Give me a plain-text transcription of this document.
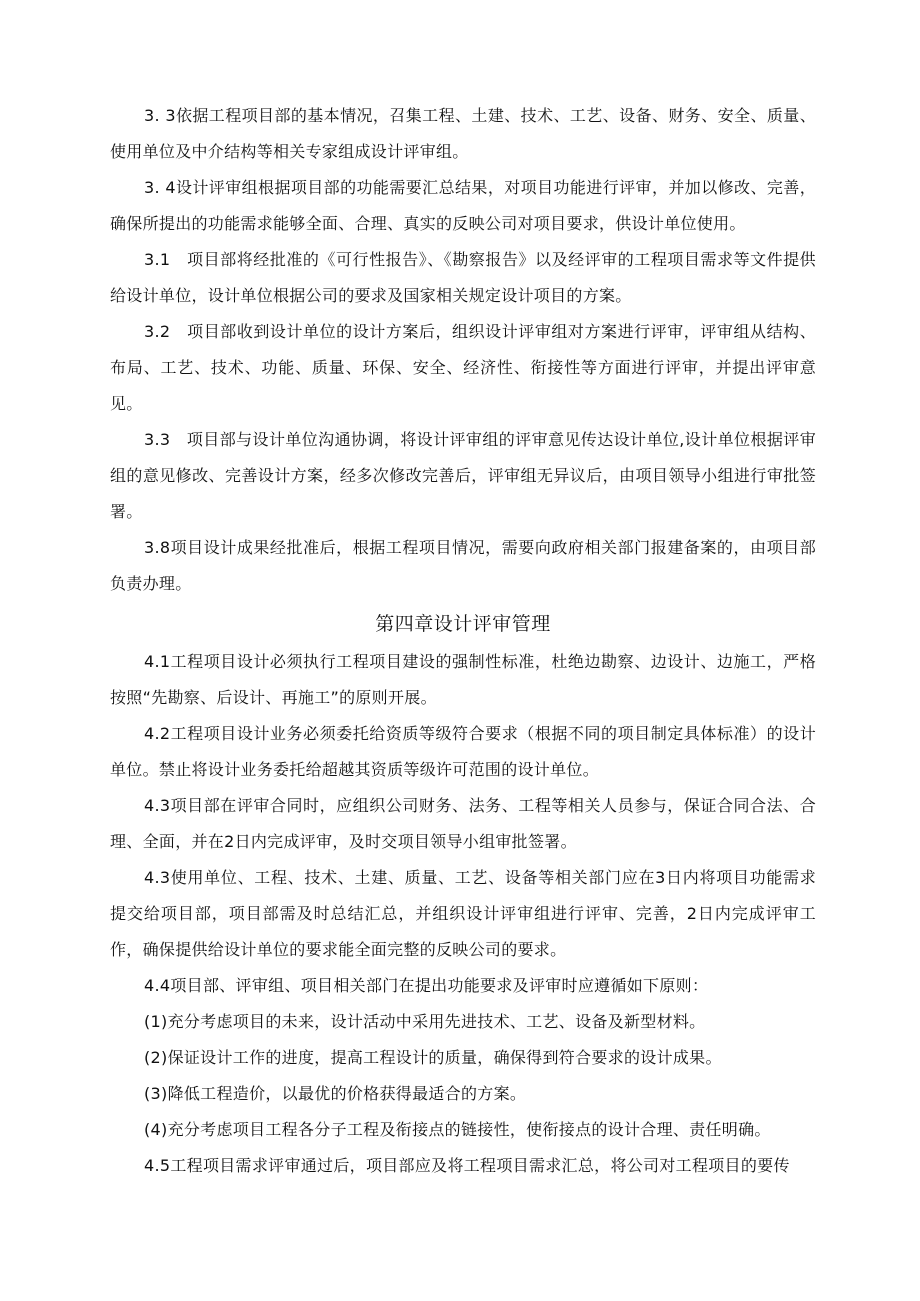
3. 3依据工程项目部的基本情况，召集工程、土建、技术、工艺、设备、财务、安全、质量、使用单位及中介结构等相关专家组成设计评审组。

3. 4设计评审组根据项目部的功能需要汇总结果，对项目功能进行评审，并加以修改、完善，确保所提出的功能需求能够全面、合理、真实的反映公司对项目要求，供设计单位使用。

3.1　项目部将经批准的《可行性报告》、《勘察报告》以及经评审的工程项目需求等文件提供给设计单位，设计单位根据公司的要求及国家相关规定设计项目的方案。

3.2　项目部收到设计单位的设计方案后，组织设计评审组对方案进行评审，评审组从结构、布局、工艺、技术、功能、质量、环保、安全、经济性、衔接性等方面进行评审，并提出评审意见。

3.3　项目部与设计单位沟通协调，将设计评审组的评审意见传达设计单位,设计单位根据评审组的意见修改、完善设计方案，经多次修改完善后，评审组无异议后，由项目领导小组进行审批签署。

3.8项目设计成果经批准后，根据工程项目情况，需要向政府相关部门报建备案的，由项目部负责办理。

第四章设计评审管理

4.1工程项目设计必须执行工程项目建设的强制性标准，杜绝边勘察、边设计、边施工，严格按照“先勘察、后设计、再施工”的原则开展。

4.2工程项目设计业务必须委托给资质等级符合要求（根据不同的项目制定具体标准）的设计单位。禁止将设计业务委托给超越其资质等级许可范围的设计单位。

4.3项目部在评审合同时，应组织公司财务、法务、工程等相关人员参与，保证合同合法、合理、全面，并在2日内完成评审，及时交项目领导小组审批签署。

4.3使用单位、工程、技术、土建、质量、工艺、设备等相关部门应在3日内将项目功能需求提交给项目部，项目部需及时总结汇总，并组织设计评审组进行评审、完善，2日内完成评审工作，确保提供给设计单位的要求能全面完整的反映公司的要求。

4.4项目部、评审组、项目相关部门在提出功能要求及评审时应遵循如下原则：

(1)充分考虑项目的未来，设计活动中采用先进技术、工艺、设备及新型材料。

(2)保证设计工作的进度，提高工程设计的质量，确保得到符合要求的设计成果。

(3)降低工程造价，以最优的价格获得最适合的方案。

(4)充分考虑项目工程各分子工程及衔接点的链接性，使衔接点的设计合理、责任明确。

4.5工程项目需求评审通过后，项目部应及将工程项目需求汇总，将公司对工程项目的要传
